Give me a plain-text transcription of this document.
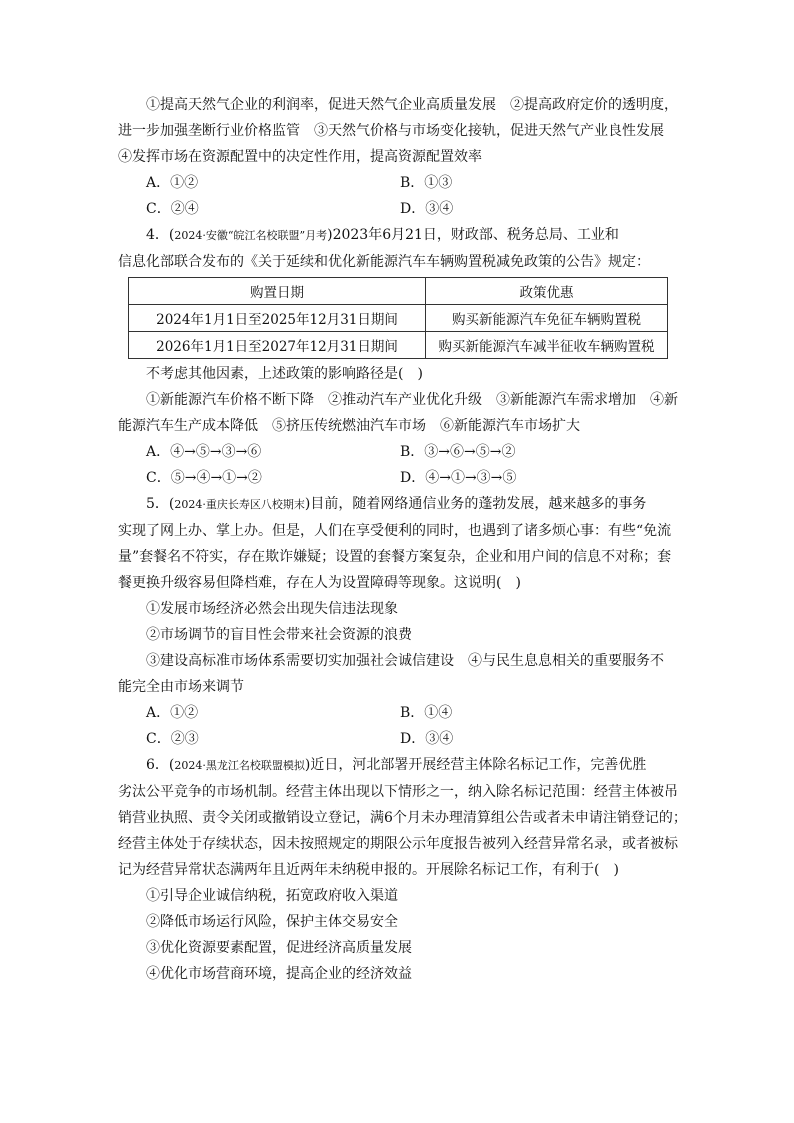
①提高天然气企业的利润率，促进天然气企业高质量发展　②提高政府定价的透明度，
进一步加强垄断行业价格监管　③天然气价格与市场变化接轨，促进天然气产业良性发展
④发挥市场在资源配置中的决定性作用，提高资源配置效率
A．①②	B．①③
C．②④	D．③④
4．(2024·安徽“皖江名校联盟”月考)2023年6月21日，财政部、税务总局、工业和
信息化部联合发布的《关于延续和优化新能源汽车车辆购置税减免政策的公告》规定：
购置日期	政策优惠
2024年1月1日至2025年12月31日期间	购买新能源汽车免征车辆购置税
2026年1月1日至2027年12月31日期间	购买新能源汽车减半征收车辆购置税
不考虑其他因素，上述政策的影响路径是(　)
①新能源汽车价格不断下降　②推动汽车产业优化升级　③新能源汽车需求增加　④新
能源汽车生产成本降低　⑤挤压传统燃油汽车市场　⑥新能源汽车市场扩大
A．④→⑤→③→⑥	B．③→⑥→⑤→②
C．⑤→④→①→②	D．④→①→③→⑤
5．(2024·重庆长寿区八校期末)目前，随着网络通信业务的蓬勃发展，越来越多的事务
实现了网上办、掌上办。但是，人们在享受便利的同时，也遇到了诸多烦心事：有些“免流
量”套餐名不符实，存在欺诈嫌疑；设置的套餐方案复杂，企业和用户间的信息不对称；套
餐更换升级容易但降档难，存在人为设置障碍等现象。这说明(　)
①发展市场经济必然会出现失信违法现象
②市场调节的盲目性会带来社会资源的浪费
③建设高标准市场体系需要切实加强社会诚信建设　④与民生息息相关的重要服务不
能完全由市场来调节
A．①②	B．①④
C．②③	D．③④
6．(2024·黑龙江名校联盟模拟)近日，河北部署开展经营主体除名标记工作，完善优胜
劣汰公平竞争的市场机制。经营主体出现以下情形之一，纳入除名标记范围：经营主体被吊
销营业执照、责令关闭或撤销设立登记，满6个月未办理清算组公告或者未申请注销登记的；
经营主体处于存续状态，因未按照规定的期限公示年度报告被列入经营异常名录，或者被标
记为经营异常状态满两年且近两年未纳税申报的。开展除名标记工作，有利于(　)
①引导企业诚信纳税，拓宽政府收入渠道
②降低市场运行风险，保护主体交易安全
③优化资源要素配置，促进经济高质量发展
④优化市场营商环境，提高企业的经济效益
